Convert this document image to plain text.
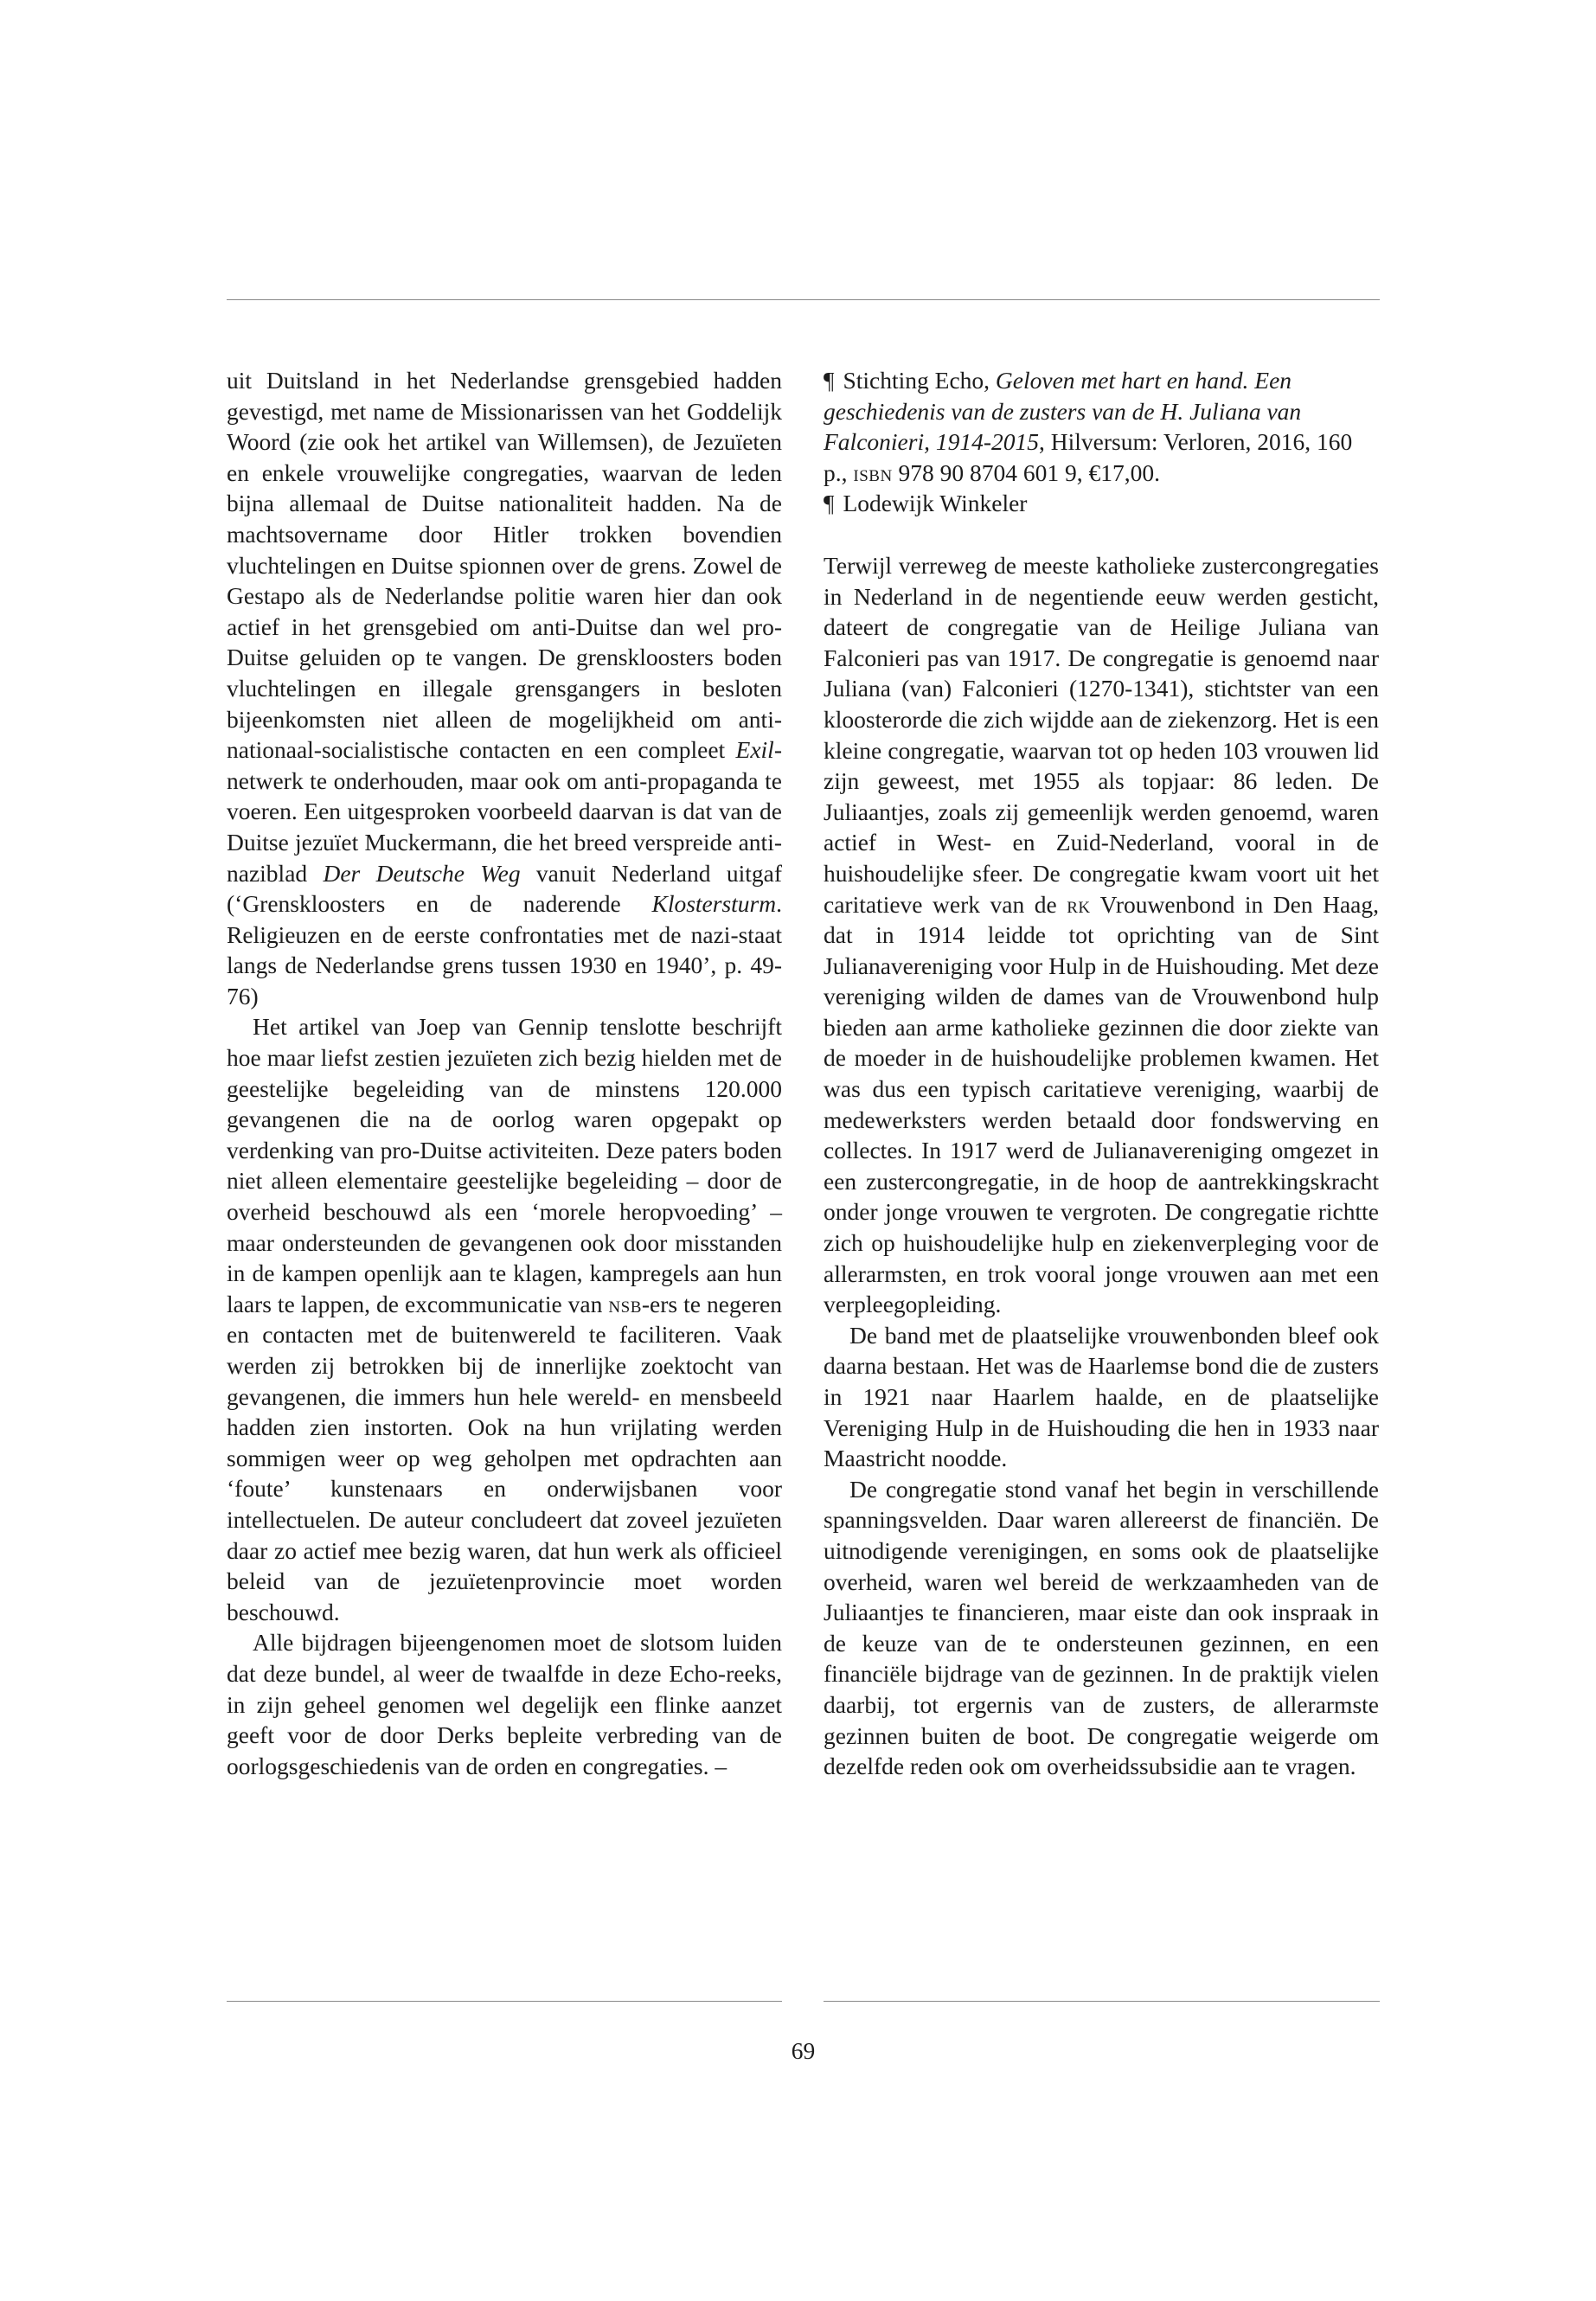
uit Duitsland in het Nederlandse grensgebied hadden gevestigd, met name de Missionarissen van het Goddelijk Woord (zie ook het artikel van Willemsen), de Jezuïeten en enkele vrouwelijke congregaties, waarvan de leden bijna allemaal de Duitse nationaliteit hadden. Na de machtsovername door Hitler trokken bovendien vluchtelingen en Duitse spionnen over de grens. Zowel de Gestapo als de Nederlandse politie waren hier dan ook actief in het grensgebied om anti-Duitse dan wel pro-Duitse geluiden op te vangen. De grenskloosters boden vluchtelingen en illegale grensgangers in besloten bijeenkomsten niet alleen de mogelijkheid om anti-nationaal-socialistische contacten en een compleet Exil-netwerk te onderhouden, maar ook om anti-propaganda te voeren. Een uitgesproken voorbeeld daarvan is dat van de Duitse jezuïet Muckermann, die het breed verspreide anti-naziblad Der Deutsche Weg vanuit Nederland uitgaf (‘Grenskloosters en de naderende Klostersturm. Religieuzen en de eerste confrontaties met de nazi-staat langs de Nederlandse grens tussen 1930 en 1940’, p. 49-76)

Het artikel van Joep van Gennip tenslotte beschrijft hoe maar liefst zestien jezuïeten zich bezig hielden met de geestelijke begeleiding van de minstens 120.000 gevangenen die na de oorlog waren opgepakt op verdenking van pro-Duitse activiteiten. Deze paters boden niet alleen elementaire geestelijke begeleiding – door de overheid beschouwd als een ‘morele heropvoeding’ – maar ondersteunden de gevangenen ook door misstanden in de kampen openlijk aan te klagen, kampregels aan hun laars te lappen, de excommunicatie van nsb-ers te negeren en contacten met de buitenwereld te faciliteren. Vaak werden zij betrokken bij de innerlijke zoektocht van gevangenen, die immers hun hele wereld- en mensbeeld hadden zien instorten. Ook na hun vrijlating werden sommigen weer op weg geholpen met opdrachten aan ‘foute’ kunstenaars en onderwijsbanen voor intellectuelen. De auteur concludeert dat zoveel jezuïeten daar zo actief mee bezig waren, dat hun werk als officieel beleid van de jezuïetenprovincie moet worden beschouwd.

Alle bijdragen bijeengenomen moet de slotsom luiden dat deze bundel, al weer de twaalfde in deze Echo-reeks, in zijn geheel genomen wel degelijk een flinke aanzet geeft voor de door Derks bepleite verbreding van de oorlogsgeschiedenis van de orden en congregaties. –

¶ Stichting Echo, Geloven met hart en hand. Een geschiedenis van de zusters van de H. Juliana van Falconieri, 1914-2015, Hilversum: Verloren, 2016, 160 p., isbn 978 90 8704 601 9, €17,00.

¶ Lodewijk Winkeler

Terwijl verreweg de meeste katholieke zustercongregaties in Nederland in de negentiende eeuw werden gesticht, dateert de congregatie van de Heilige Juliana van Falconieri pas van 1917. De congregatie is genoemd naar Juliana (van) Falconieri (1270-1341), stichtster van een kloosterorde die zich wijdde aan de ziekenzorg. Het is een kleine congregatie, waarvan tot op heden 103 vrouwen lid zijn geweest, met 1955 als topjaar: 86 leden. De Juliaantjes, zoals zij gemeenlijk werden genoemd, waren actief in West- en Zuid-Nederland, vooral in de huishoudelijke sfeer. De congregatie kwam voort uit het caritatieve werk van de rk Vrouwenbond in Den Haag, dat in 1914 leidde tot oprichting van de Sint Julianavereniging voor Hulp in de Huishouding. Met deze vereniging wilden de dames van de Vrouwenbond hulp bieden aan arme katholieke gezinnen die door ziekte van de moeder in de huishoudelijke problemen kwamen. Het was dus een typisch caritatieve vereniging, waarbij de medewerksters werden betaald door fondswerving en collectes. In 1917 werd de Julianavereniging omgezet in een zustercongregatie, in de hoop de aantrekkingskracht onder jonge vrouwen te vergroten. De congregatie richtte zich op huishoudelijke hulp en ziekenverpleging voor de allerarmsten, en trok vooral jonge vrouwen aan met een verpleegopleiding.

De band met de plaatselijke vrouwenbonden bleef ook daarna bestaan. Het was de Haarlemse bond die de zusters in 1921 naar Haarlem haalde, en de plaatselijke Vereniging Hulp in de Huishouding die hen in 1933 naar Maastricht noodde.

De congregatie stond vanaf het begin in verschillende spanningsvelden. Daar waren allereerst de financiën. De uitnodigende verenigingen, en soms ook de plaatselijke overheid, waren wel bereid de werkzaamheden van de Juliaantjes te financieren, maar eiste dan ook inspraak in de keuze van de te ondersteunen gezinnen, en een financiële bijdrage van de gezinnen. In de praktijk vielen daarbij, tot ergernis van de zusters, de allerarmste gezinnen buiten de boot. De congregatie weigerde om dezelfde reden ook om overheidssubsidie aan te vragen.

69
